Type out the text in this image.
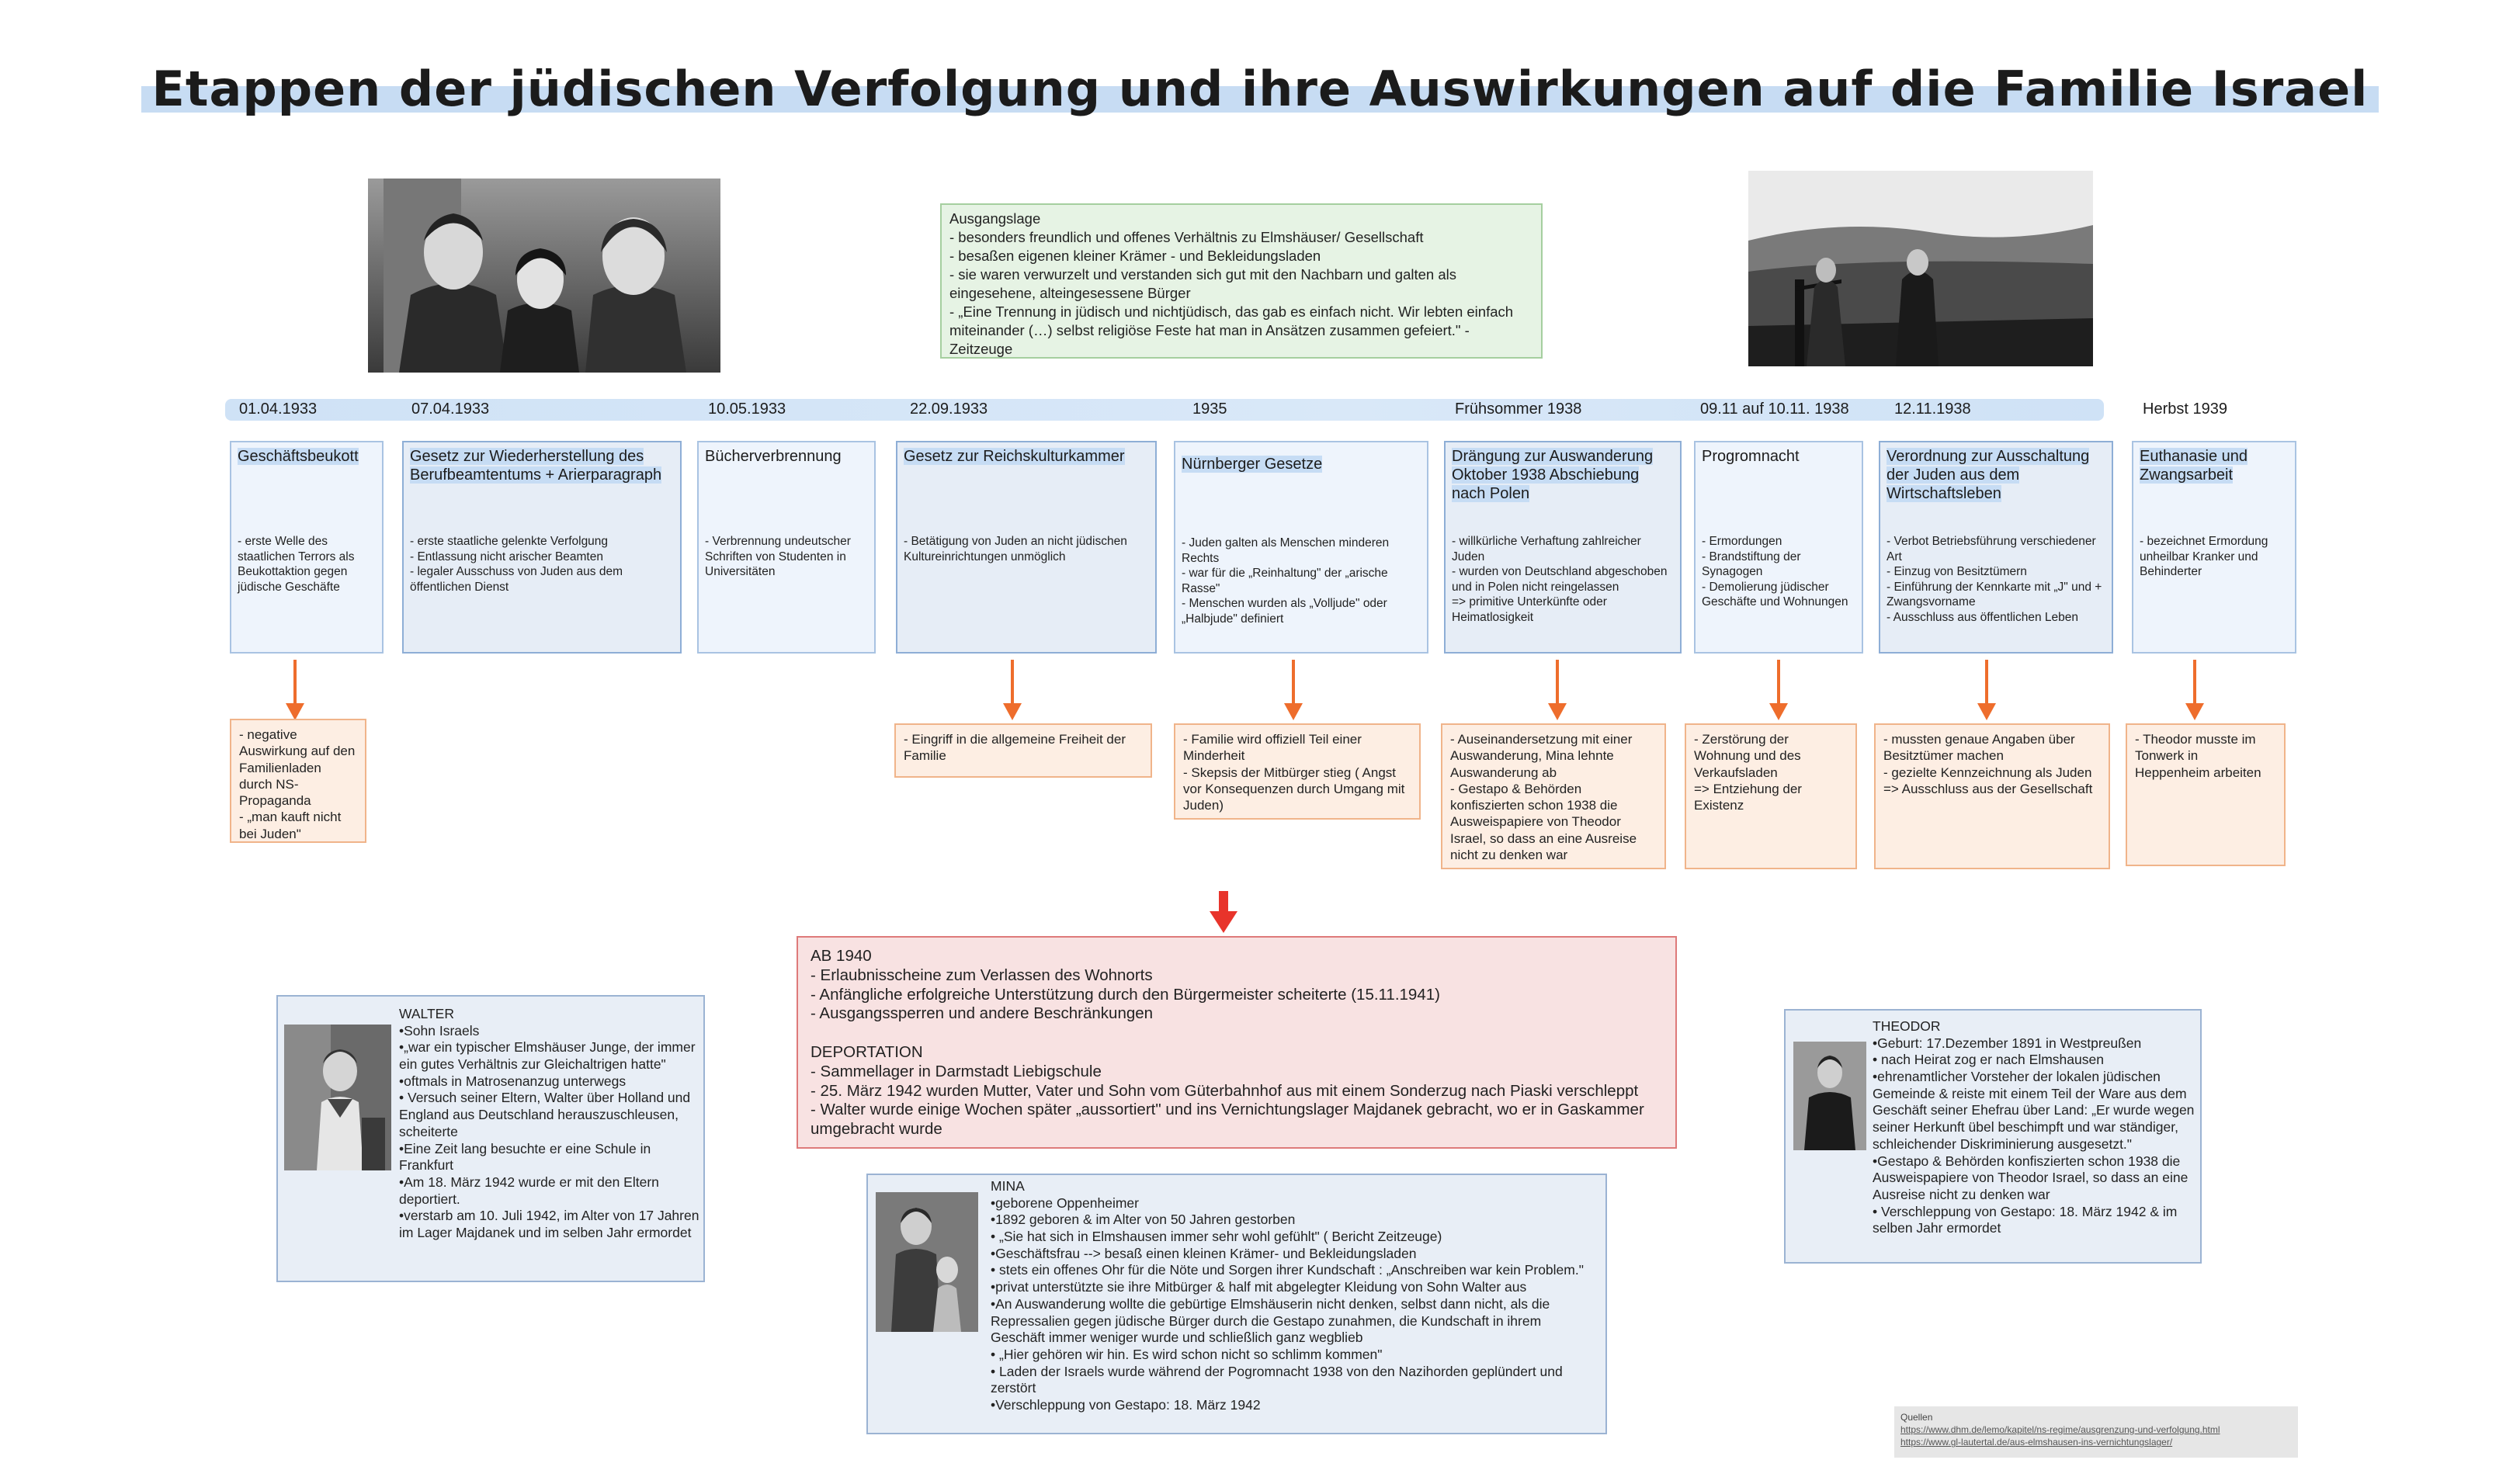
Etappen der jüdischen Verfolgung und ihre Auswirkungen auf die Familie Israel
Ausgangslage
- besonders freundlich und offenes Verhältnis zu Elmshäuser/ Gesellschaft
- besaßen eigenen kleiner Krämer - und Bekleidungsladen
- sie waren verwurzelt und verstanden sich gut mit den Nachbarn und galten als eingesehene, alteingesessene Bürger
- „Eine Trennung in jüdisch und nichtjüdisch, das gab es einfach nicht. Wir lebten einfach miteinander (…) selbst religiöse Feste hat man in Ansätzen zusammen gefeiert." - Zeitzeuge
01.04.1933	07.04.1933	10.05.1933	22.09.1933	1935	Frühsommer 1938	09.11 auf 10.11. 1938	12.11.1938	Herbst 1939
Geschäftsbeukott
- erste Welle des staatlichen Terrors als Beukottaktion gegen jüdische Geschäfte
Gesetz zur Wiederherstellung des Berufbeamtentums + Arierparagraph
- erste staatliche gelenkte Verfolgung
- Entlassung nicht arischer Beamten
- legaler Ausschuss von Juden aus dem öffentlichen Dienst
Bücherverbrennung
- Verbrennung undeutscher Schriften von Studenten in Universitäten
Gesetz zur Reichskulturkammer
- Betätigung von Juden an nicht jüdischen Kultureinrichtungen unmöglich
Nürnberger Gesetze
- Juden galten als Menschen minderen Rechts
- war für die „Reinhaltung" der „arische Rasse"
- Menschen wurden als „Volljude" oder „Halbjude" definiert
Drängung zur Auswanderung Oktober 1938 Abschiebung nach Polen
- willkürliche Verhaftung zahlreicher Juden
- wurden von Deutschland abgeschoben und in Polen nicht reingelassen
=> primitive Unterkünfte oder Heimatlosigkeit
Progromnacht
- Ermordungen
- Brandstiftung der Synagogen
- Demolierung jüdischer Geschäfte und Wohnungen
Verordnung zur Ausschaltung der Juden aus dem Wirtschaftsleben
- Verbot Betriebsführung verschiedener Art
- Einzug von Besitztümern
- Einführung der Kennkarte mit „J" und + Zwangsvorname
- Ausschluss aus öffentlichen Leben
Euthanasie und Zwangsarbeit
- bezeichnet Ermordung unheilbar Kranker und Behinderter
- negative Auswirkung auf den Familienladen durch NS-Propaganda
- „man kauft nicht bei Juden"
- Eingriff in die allgemeine Freiheit der Familie
- Familie wird offiziell Teil einer Minderheit
- Skepsis der Mitbürger stieg ( Angst vor Konsequenzen durch Umgang mit Juden)
- Auseinandersetzung mit einer Auswanderung, Mina lehnte Auswanderung ab
- Gestapo & Behörden konfiszierten schon 1938 die Ausweispapiere von Theodor Israel, so dass an eine Ausreise nicht zu denken war
- Zerstörung der Wohnung und des Verkaufsladen
=> Entziehung der Existenz
- mussten genaue Angaben über Besitztümer machen
- gezielte Kennzeichnung als Juden
=> Ausschluss aus der Gesellschaft
- Theodor musste im Tonwerk in Heppenheim arbeiten
AB 1940
- Erlaubnisscheine zum Verlassen des Wohnorts
- Anfängliche erfolgreiche Unterstützung durch den Bürgermeister scheiterte (15.11.1941)
- Ausgangssperren und andere Beschränkungen

DEPORTATION
- Sammellager in Darmstadt Liebigschule
- 25. März 1942 wurden Mutter, Vater und Sohn vom Güterbahnhof aus mit einem Sonderzug nach Piaski verschleppt
- Walter wurde einige Wochen später „aussortiert" und ins Vernichtungslager Majdanek gebracht, wo er in Gaskammer umgebracht wurde
WALTER
•Sohn Israels
•„war ein typischer Elmshäuser Junge, der immer ein gutes Verhältnis zur Gleichaltrigen hatte"
•oftmals in Matrosenanzug unterwegs
• Versuch seiner Eltern, Walter über Holland und England aus Deutschland herauszuschleusen, scheiterte
•Eine Zeit lang besuchte er eine Schule in Frankfurt
•Am 18. März 1942 wurde er mit den Eltern deportiert.
•verstarb am 10. Juli 1942, im Alter von 17 Jahren im Lager Majdanek und im selben Jahr ermordet
MINA
•geborene Oppenheimer
•1892 geboren & im Alter von 50 Jahren gestorben
• „Sie hat sich in Elmshausen immer sehr wohl gefühlt" ( Bericht Zeitzeuge)
•Geschäftsfrau --> besaß einen kleinen Krämer- und Bekleidungsladen
• stets ein offenes Ohr für die Nöte und Sorgen ihrer Kundschaft : „Anschreiben war kein Problem."
•privat unterstützte sie ihre Mitbürger & half mit abgelegter Kleidung von Sohn Walter aus
•An Auswanderung wollte die gebürtige Elmshäuserin nicht denken, selbst dann nicht, als die Repressalien gegen jüdische Bürger durch die Gestapo zunahmen, die Kundschaft in ihrem Geschäft immer weniger wurde und schließlich ganz wegblieb
• „Hier gehören wir hin. Es wird schon nicht so schlimm kommen"
• Laden der Israels wurde während der Pogromnacht 1938 von den Nazihorden geplündert und zerstört
•Verschleppung von Gestapo: 18. März 1942
THEODOR
•Geburt: 17.Dezember 1891 in Westpreußen
• nach Heirat zog er nach Elmshausen
•ehrenamtlicher Vorsteher der lokalen jüdischen Gemeinde & reiste mit einem Teil der Ware aus dem Geschäft seiner Ehefrau über Land: „Er wurde wegen seiner Herkunft übel beschimpft und war ständiger, schleichender Diskriminierung ausgesetzt."
•Gestapo & Behörden konfiszierten schon 1938 die Ausweispapiere von Theodor Israel, so dass an eine Ausreise nicht zu denken war
• Verschleppung von Gestapo: 18. März 1942 & im selben Jahr ermordet
Quellen
https://www.dhm.de/lemo/kapitel/ns-regime/ausgrenzung-und-verfolgung.html
https://www.gl-lautertal.de/aus-elmshausen-ins-vernichtungslager/
